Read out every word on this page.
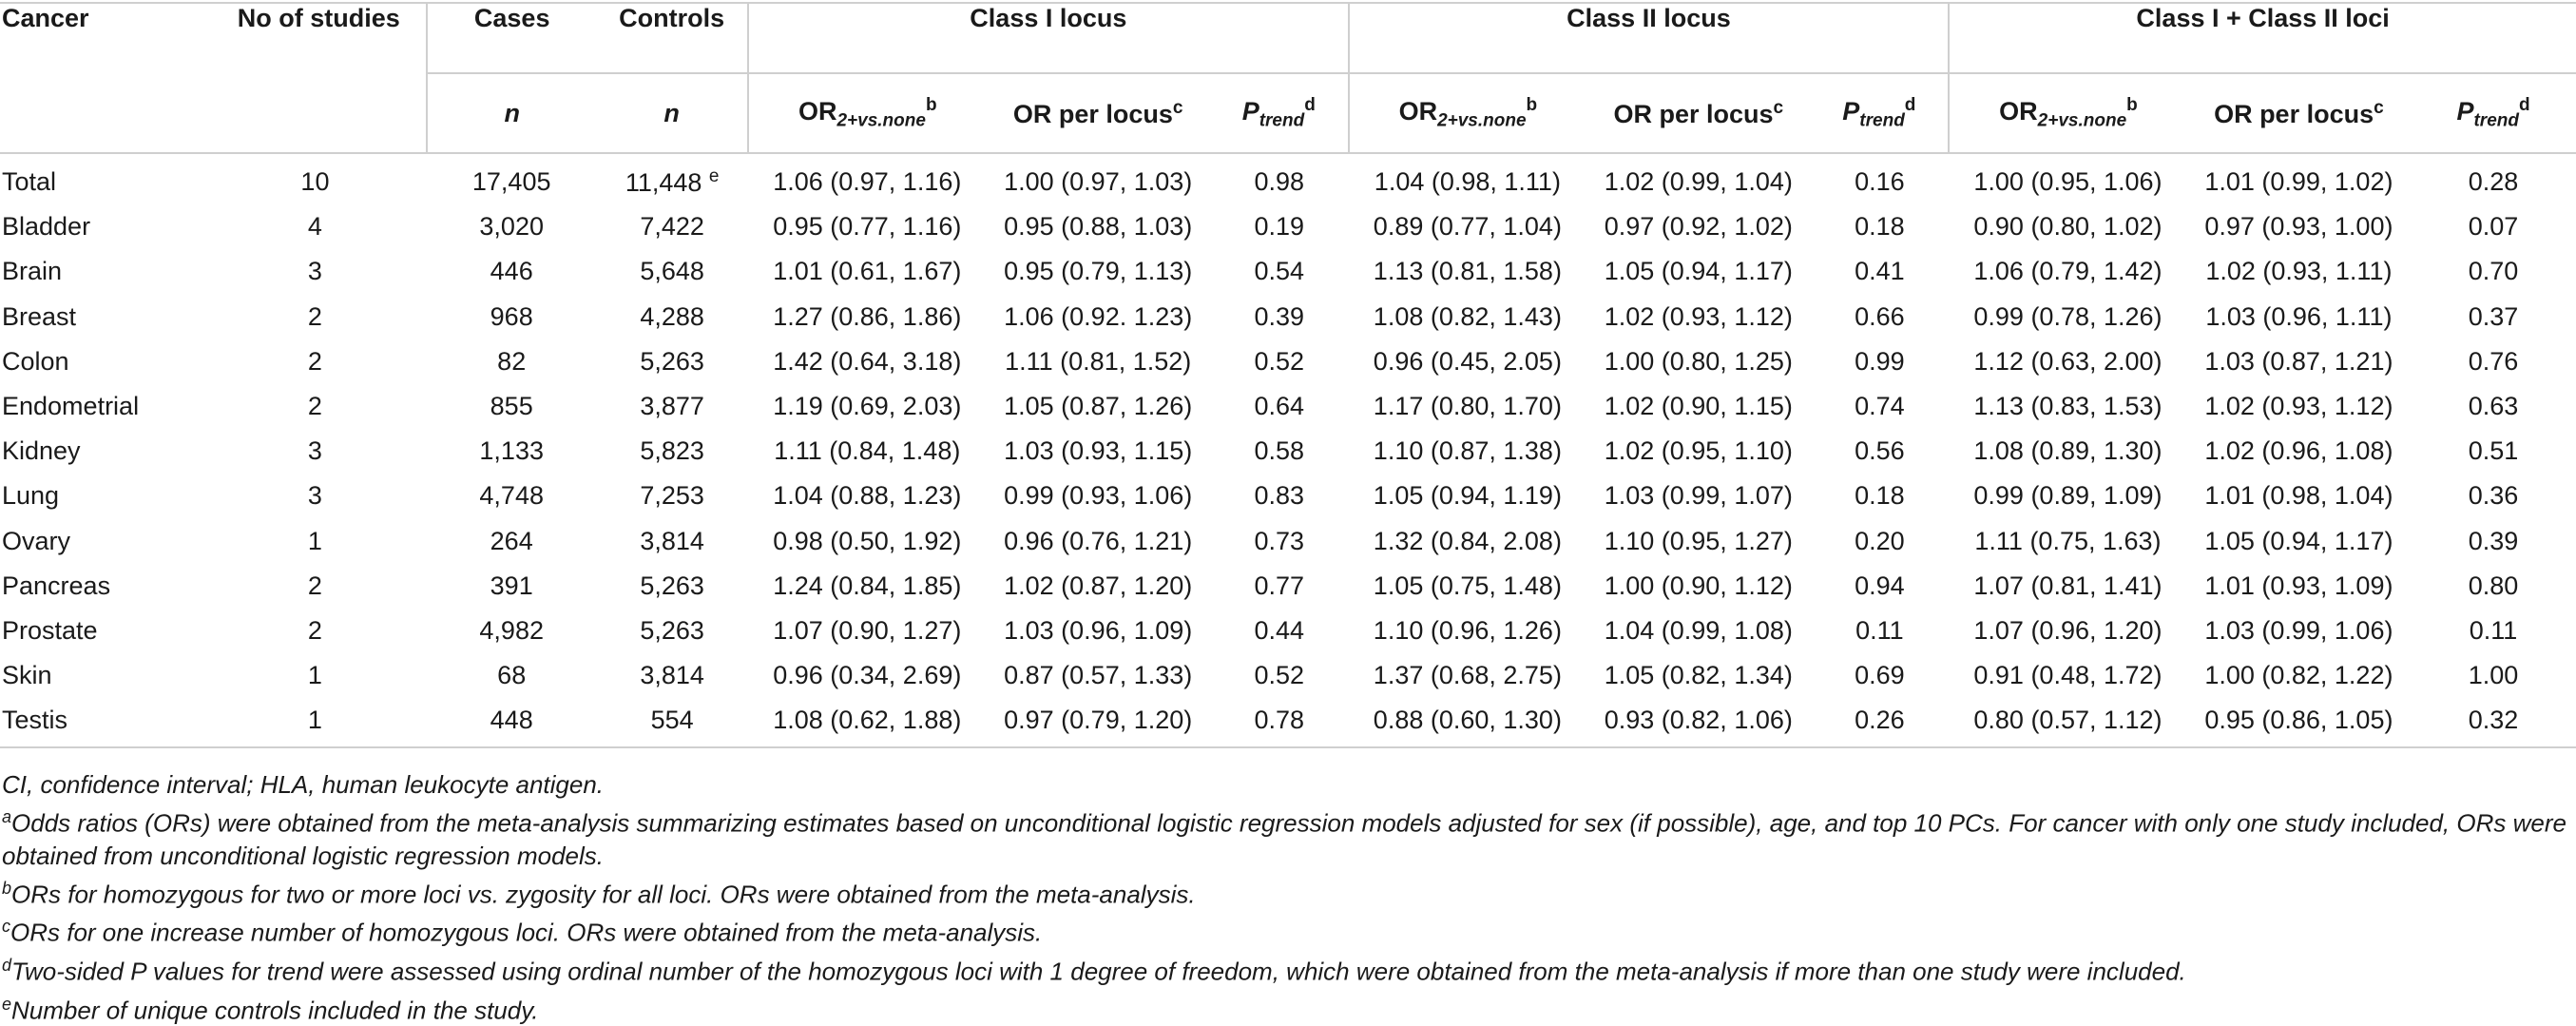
Cancer	No of studies	Cases	Controls	Class I locus			Class II locus			Class I + Class II loci		
		n	n	$OR_{2+vs.none}^b$	OR per locus$^c$	$P_{trend}^d$	$OR_{2+vs.none}^b$	OR per locus$^c$	$P_{trend}^d$	$OR_{2+vs.none}^b$	OR per locus$^c$	$P_{trend}^d$
Total	10	17,405	11,448 $^e$	1.06 (0.97, 1.16)	1.00 (0.97, 1.03)	0.98	1.04 (0.98, 1.11)	1.02 (0.99, 1.04)	0.16	1.00 (0.95, 1.06)	1.01 (0.99, 1.02)	0.28
Bladder	4	3,020	7,422	0.95 (0.77, 1.16)	0.95 (0.88, 1.03)	0.19	0.89 (0.77, 1.04)	0.97 (0.92, 1.02)	0.18	0.90 (0.80, 1.02)	0.97 (0.93, 1.00)	0.07
Brain	3	446	5,648	1.01 (0.61, 1.67)	0.95 (0.79, 1.13)	0.54	1.13 (0.81, 1.58)	1.05 (0.94, 1.17)	0.41	1.06 (0.79, 1.42)	1.02 (0.93, 1.11)	0.70
Breast	2	968	4,288	1.27 (0.86, 1.86)	1.06 (0.92. 1.23)	0.39	1.08 (0.82, 1.43)	1.02 (0.93, 1.12)	0.66	0.99 (0.78, 1.26)	1.03 (0.96, 1.11)	0.37
Colon	2	82	5,263	1.42 (0.64, 3.18)	1.11 (0.81, 1.52)	0.52	0.96 (0.45, 2.05)	1.00 (0.80, 1.25)	0.99	1.12 (0.63, 2.00)	1.03 (0.87, 1.21)	0.76
Endometrial	2	855	3,877	1.19 (0.69, 2.03)	1.05 (0.87, 1.26)	0.64	1.17 (0.80, 1.70)	1.02 (0.90, 1.15)	0.74	1.13 (0.83, 1.53)	1.02 (0.93, 1.12)	0.63
Kidney	3	1,133	5,823	1.11 (0.84, 1.48)	1.03 (0.93, 1.15)	0.58	1.10 (0.87, 1.38)	1.02 (0.95, 1.10)	0.56	1.08 (0.89, 1.30)	1.02 (0.96, 1.08)	0.51
Lung	3	4,748	7,253	1.04 (0.88, 1.23)	0.99 (0.93, 1.06)	0.83	1.05 (0.94, 1.19)	1.03 (0.99, 1.07)	0.18	0.99 (0.89, 1.09)	1.01 (0.98, 1.04)	0.36
Ovary	1	264	3,814	0.98 (0.50, 1.92)	0.96 (0.76, 1.21)	0.73	1.32 (0.84, 2.08)	1.10 (0.95, 1.27)	0.20	1.11 (0.75, 1.63)	1.05 (0.94, 1.17)	0.39
Pancreas	2	391	5,263	1.24 (0.84, 1.85)	1.02 (0.87, 1.20)	0.77	1.05 (0.75, 1.48)	1.00 (0.90, 1.12)	0.94	1.07 (0.81, 1.41)	1.01 (0.93, 1.09)	0.80
Prostate	2	4,982	5,263	1.07 (0.90, 1.27)	1.03 (0.96, 1.09)	0.44	1.10 (0.96, 1.26)	1.04 (0.99, 1.08)	0.11	1.07 (0.96, 1.20)	1.03 (0.99, 1.06)	0.11
Skin	1	68	3,814	0.96 (0.34, 2.69)	0.87 (0.57, 1.33)	0.52	1.37 (0.68, 2.75)	1.05 (0.82, 1.34)	0.69	0.91 (0.48, 1.72)	1.00 (0.82, 1.22)	1.00
Testis	1	448	554	1.08 (0.62, 1.88)	0.97 (0.79, 1.20)	0.78	0.88 (0.60, 1.30)	0.93 (0.82, 1.06)	0.26	0.80 (0.57, 1.12)	0.95 (0.86, 1.05)	0.32

CI, confidence interval; HLA, human leukocyte antigen.

$^a$Odds ratios (ORs) were obtained from the meta-analysis summarizing estimates based on unconditional logistic regression models adjusted for sex (if possible), age, and top 10 PCs. For cancer with only one study included, ORs were obtained from unconditional logistic regression models.

$^b$ORs for homozygous for two or more loci vs. zygosity for all loci. ORs were obtained from the meta-analysis.

$^c$ORs for one increase number of homozygous loci. ORs were obtained from the meta-analysis.

$^d$Two-sided P values for trend were assessed using ordinal number of the homozygous loci with 1 degree of freedom, which were obtained from the meta-analysis if more than one study were included.

$^e$Number of unique controls included in the study.
